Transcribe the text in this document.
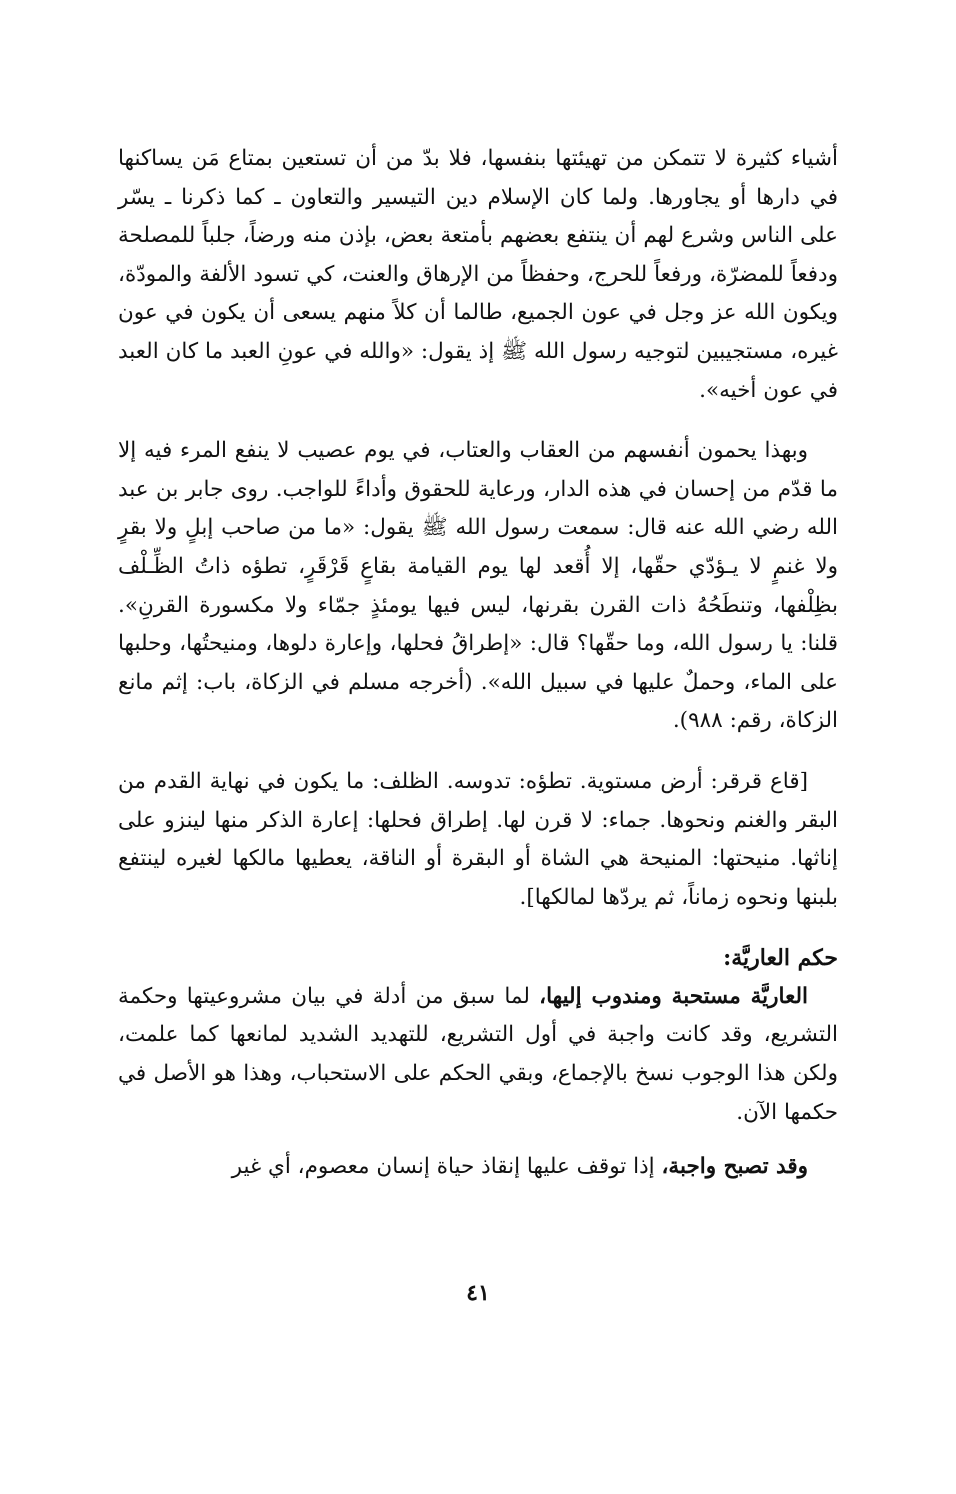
أشياء كثيرة لا تتمكن من تهيئتها بنفسها، فلا بدّ من أن تستعين بمتاع مَن يساكنها في دارها أو يجاورها. ولما كان الإسلام دين التيسير والتعاون ـ كما ذكرنا ـ يسّر على الناس وشرع لهم أن ينتفع بعضهم بأمتعة بعض، بإذن منه ورضاً، جلباً للمصلحة ودفعاً للمضرّة، ورفعاً للحرج، وحفظاً من الإرهاق والعنت، كي تسود الألفة والمودّة، ويكون الله عز وجل في عون الجميع، طالما أن كلاً منهم يسعى أن يكون في عون غيره، مستجيبين لتوجيه رسول الله ﷺ إذ يقول: «والله في عونِ العبد ما كان العبد في عون أخيه».

وبهذا يحمون أنفسهم من العقاب والعتاب، في يوم عصيب لا ينفع المرء فيه إلا ما قدّم من إحسان في هذه الدار، ورعاية للحقوق وأداءً للواجب. روى جابر بن عبد الله رضي الله عنه قال: سمعت رسول الله ﷺ يقول: «ما من صاحب إبلٍ ولا بقرٍ ولا غنمٍ لا يـؤدّي حقّها، إلا أُقعد لها يوم القيامة بقاعٍ قَرْقَرٍ، تطؤه ذاتُ الظِّـلْف بظِلْفها، وتنطَحُهُ ذات القرن بقرنها، ليس فيها يومئذٍ جمّاء ولا مكسورة القرنِ». قلنا: يا رسول الله، وما حقّها؟ قال: «إطراقُ فحلها، وإعارة دلوها، ومنيحتُها، وحلبها على الماء، وحملٌ عليها في سبيل الله». (أخرجه مسلم في الزكاة، باب: إثم مانع الزكاة، رقم: ٩٨٨).

[قاع قرقر: أرض مستوية. تطؤه: تدوسه. الظلف: ما يكون في نهاية القدم من البقر والغنم ونحوها. جماء: لا قرن لها. إطراق فحلها: إعارة الذكر منها لينزو على إناثها. منيحتها: المنيحة هي الشاة أو البقرة أو الناقة، يعطيها مالكها لغيره لينتفع بلبنها ونحوه زماناً، ثم يردّها لمالكها].

حكم العاريَّة:

العاريَّة مستحبة ومندوب إليها، لما سبق من أدلة في بيان مشروعيتها وحكمة التشريع، وقد كانت واجبة في أول التشريع، للتهديد الشديد لمانعها كما علمت، ولكن هذا الوجوب نسخ بالإجماع، وبقي الحكم على الاستحباب، وهذا هو الأصل في حكمها الآن.

وقد تصبح واجبة، إذا توقف عليها إنقاذ حياة إنسان معصوم، أي غير

٤١
